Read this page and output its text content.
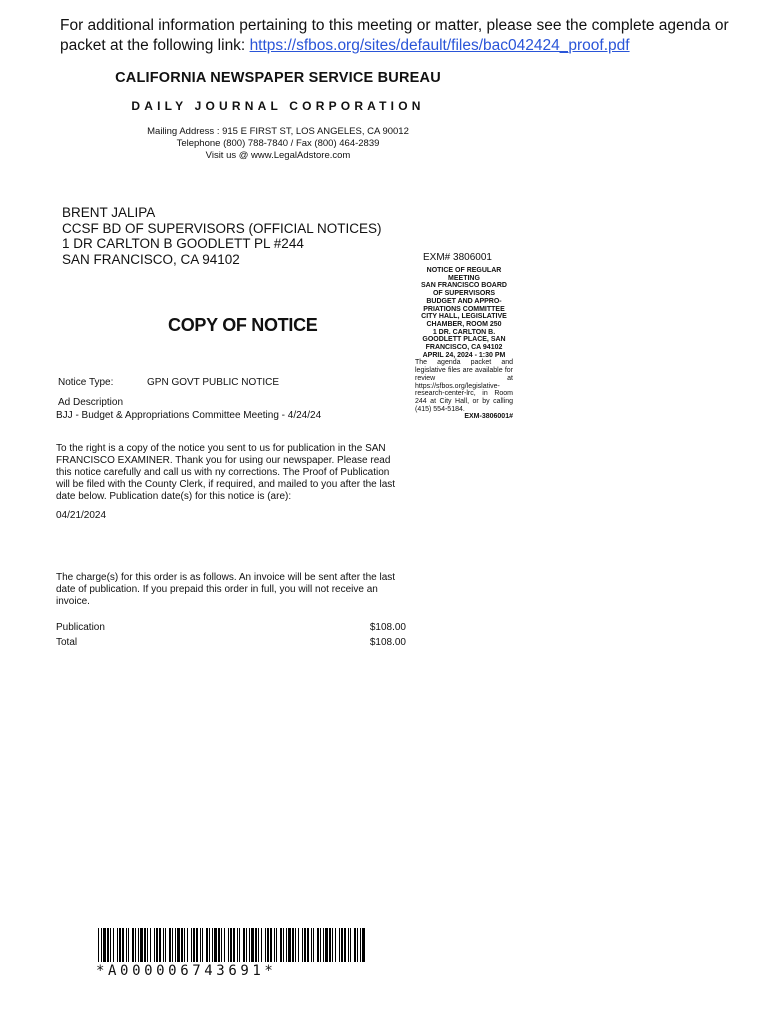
For additional information pertaining to this meeting or matter, please see the complete agenda or packet at the following link: https://sfbos.org/sites/default/files/bac042424_proof.pdf
CALIFORNIA NEWSPAPER SERVICE BUREAU
DAILY JOURNAL CORPORATION
Mailing Address : 915 E FIRST ST, LOS ANGELES, CA 90012
Telephone (800) 788-7840 / Fax (800) 464-2839
Visit us @ www.LegalAdstore.com
BRENT JALIPA
CCSF BD OF SUPERVISORS (OFFICIAL NOTICES)
1 DR CARLTON B GOODLETT PL #244
SAN FRANCISCO, CA 94102	EXM# 3806001
NOTICE OF REGULAR
MEETING
SAN FRANCISCO BOARD
OF SUPERVISORS
BUDGET AND APPRO-
PRIATIONS COMMITTEE
CITY HALL, LEGISLATIVE
CHAMBER, ROOM 250
1 DR. CARLTON B.
GOODLETT PLACE, SAN
FRANCISCO, CA 94102
APRIL 24, 2024 - 1:30 PM
The agenda packet and legislative files are available for review at https://sfbos.org/legislative-research-center-lrc, in Room 244 at City Hall, or by calling (415) 554-5184.
EXM-3806001#
COPY OF NOTICE
Notice Type:	GPN GOVT PUBLIC NOTICE
Ad Description
BJJ - Budget & Appropriations Committee Meeting - 4/24/24
To the right is a copy of the notice you sent to us for publication in the SAN FRANCISCO EXAMINER. Thank you for using our newspaper. Please read this notice carefully and call us with ny corrections. The Proof of Publication will be filed with the County Clerk, if required, and mailed to you after the last date below. Publication date(s) for this notice is (are):
04/21/2024
The charge(s) for this order is as follows. An invoice will be sent after the last date of publication. If you prepaid this order in full, you will not receive an invoice.
Publication	$108.00
Total	$108.00
*A000006743691*
